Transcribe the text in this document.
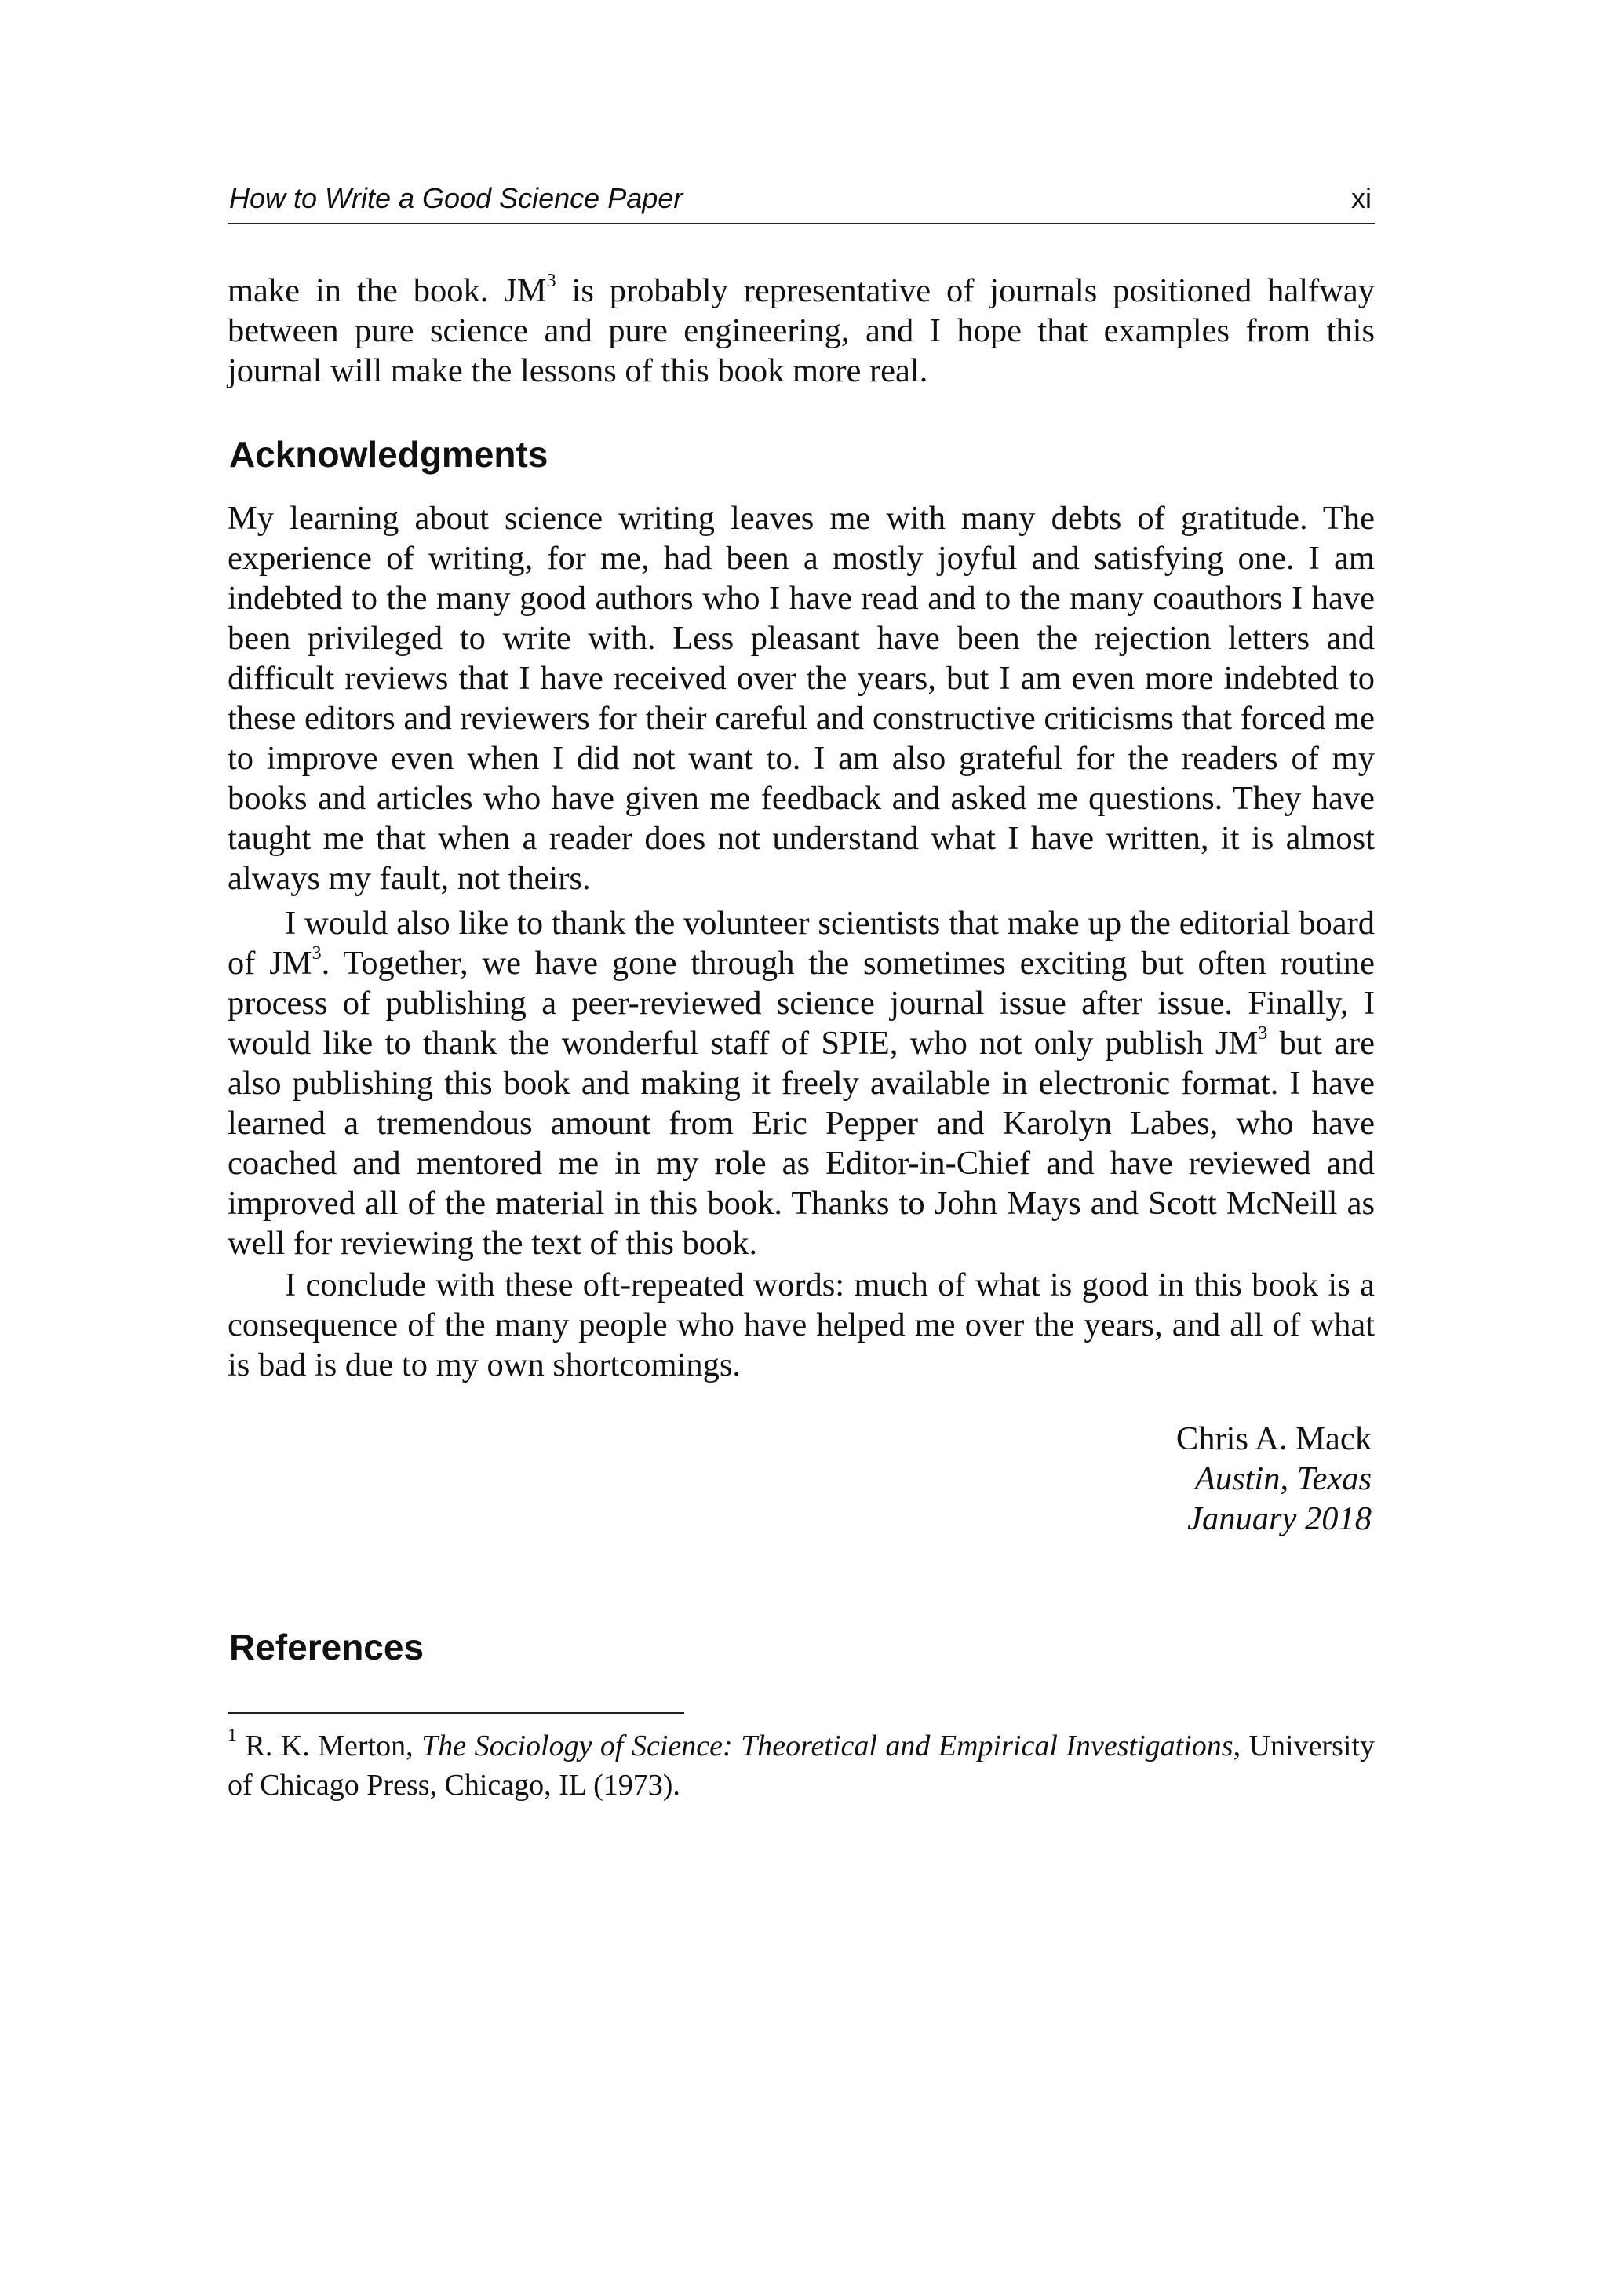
How to Write a Good Science Paper	xi

make in the book. $JM^3$ is probably representative of journals positioned halfway between pure science and pure engineering, and I hope that examples from this journal will make the lessons of this book more real.

Acknowledgments

My learning about science writing leaves me with many debts of gratitude. The experience of writing, for me, had been a mostly joyful and satisfying one. I am indebted to the many good authors who I have read and to the many coauthors I have been privileged to write with. Less pleasant have been the rejection letters and difficult reviews that I have received over the years, but I am even more indebted to these editors and reviewers for their careful and constructive criticisms that forced me to improve even when I did not want to. I am also grateful for the readers of my books and articles who have given me feedback and asked me questions. They have taught me that when a reader does not understand what I have written, it is almost always my fault, not theirs.

I would also like to thank the volunteer scientists that make up the editorial board of $JM^3$. Together, we have gone through the sometimes exciting but often routine process of publishing a peer-reviewed science journal issue after issue. Finally, I would like to thank the wonderful staff of SPIE, who not only publish $JM^3$ but are also publishing this book and making it freely available in electronic format. I have learned a tremendous amount from Eric Pepper and Karolyn Labes, who have coached and mentored me in my role as Editor-in-Chief and have reviewed and improved all of the material in this book. Thanks to John Mays and Scott McNeill as well for reviewing the text of this book.

I conclude with these oft-repeated words: much of what is good in this book is a consequence of the many people who have helped me over the years, and all of what is bad is due to my own shortcomings.

Chris A. Mack
Austin, Texas
January 2018
References

$^1$ R. K. Merton, The Sociology of Science: Theoretical and Empirical Investigations, University of Chicago Press, Chicago, IL (1973).
